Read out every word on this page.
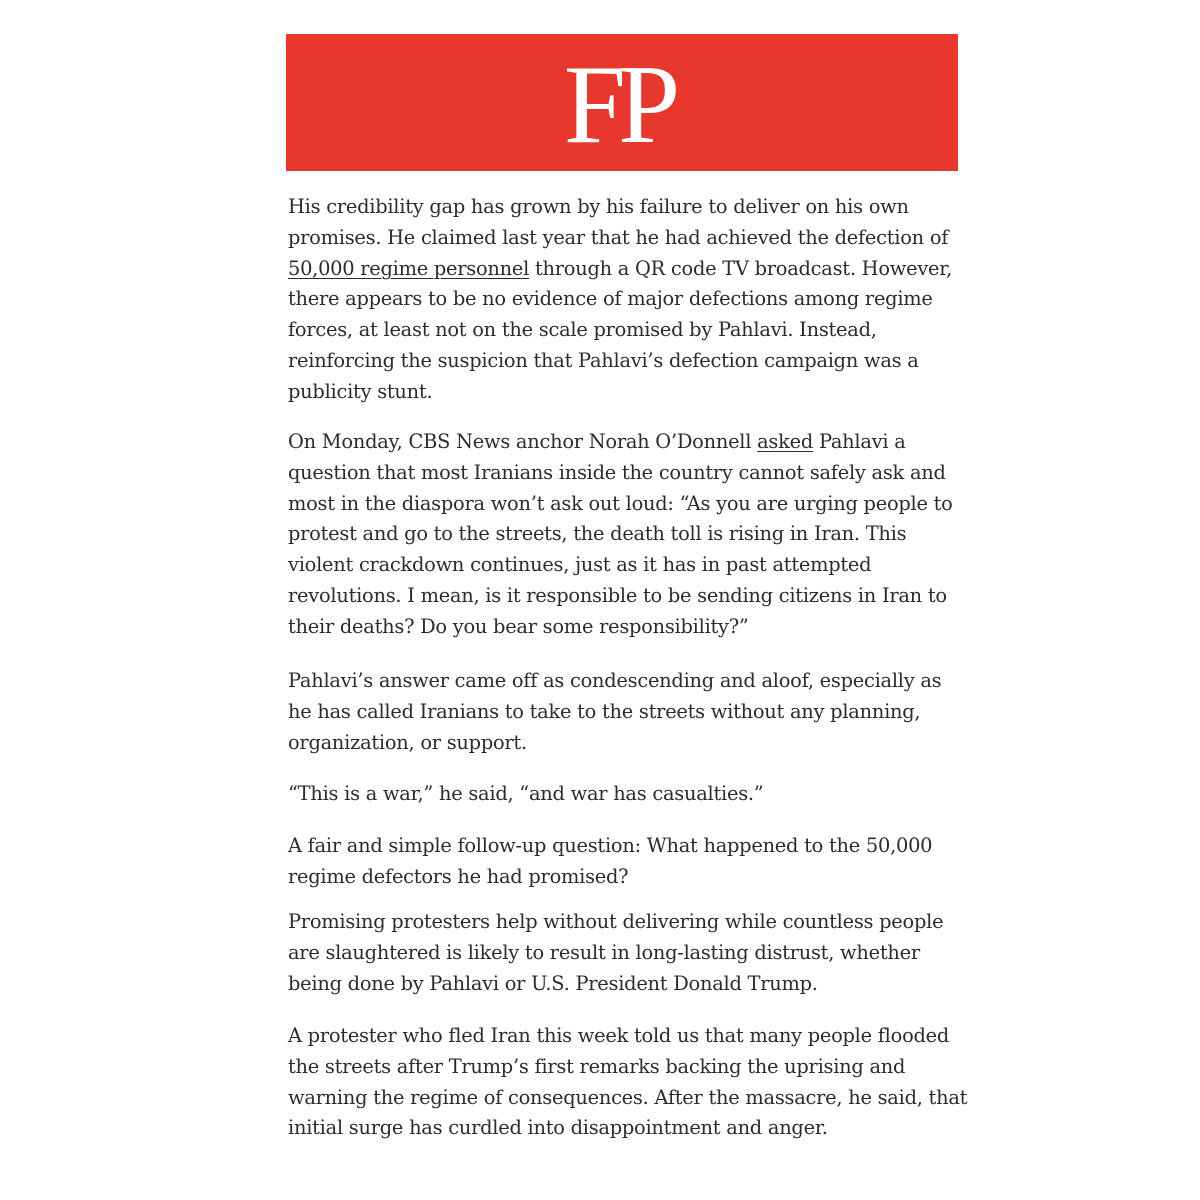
FP

His credibility gap has grown by his failure to deliver on his own
promises. He claimed last year that he had achieved the defection of
50,000 regime personnel through a QR code TV broadcast. However,
there appears to be no evidence of major defections among regime
forces, at least not on the scale promised by Pahlavi. Instead,
reinforcing the suspicion that Pahlavi’s defection campaign was a
publicity stunt.

On Monday, CBS News anchor Norah O’Donnell asked Pahlavi a
question that most Iranians inside the country cannot safely ask and
most in the diaspora won’t ask out loud: “As you are urging people to
protest and go to the streets, the death toll is rising in Iran. This
violent crackdown continues, just as it has in past attempted
revolutions. I mean, is it responsible to be sending citizens in Iran to
their deaths? Do you bear some responsibility?”

Pahlavi’s answer came off as condescending and aloof, especially as
he has called Iranians to take to the streets without any planning,
organization, or support.

“This is a war,” he said, “and war has casualties.”

A fair and simple follow-up question: What happened to the 50,000
regime defectors he had promised?

Promising protesters help without delivering while countless people
are slaughtered is likely to result in long-lasting distrust, whether
being done by Pahlavi or U.S. President Donald Trump.

A protester who fled Iran this week told us that many people flooded
the streets after Trump’s first remarks backing the uprising and
warning the regime of consequences. After the massacre, he said, that
initial surge has curdled into disappointment and anger.
